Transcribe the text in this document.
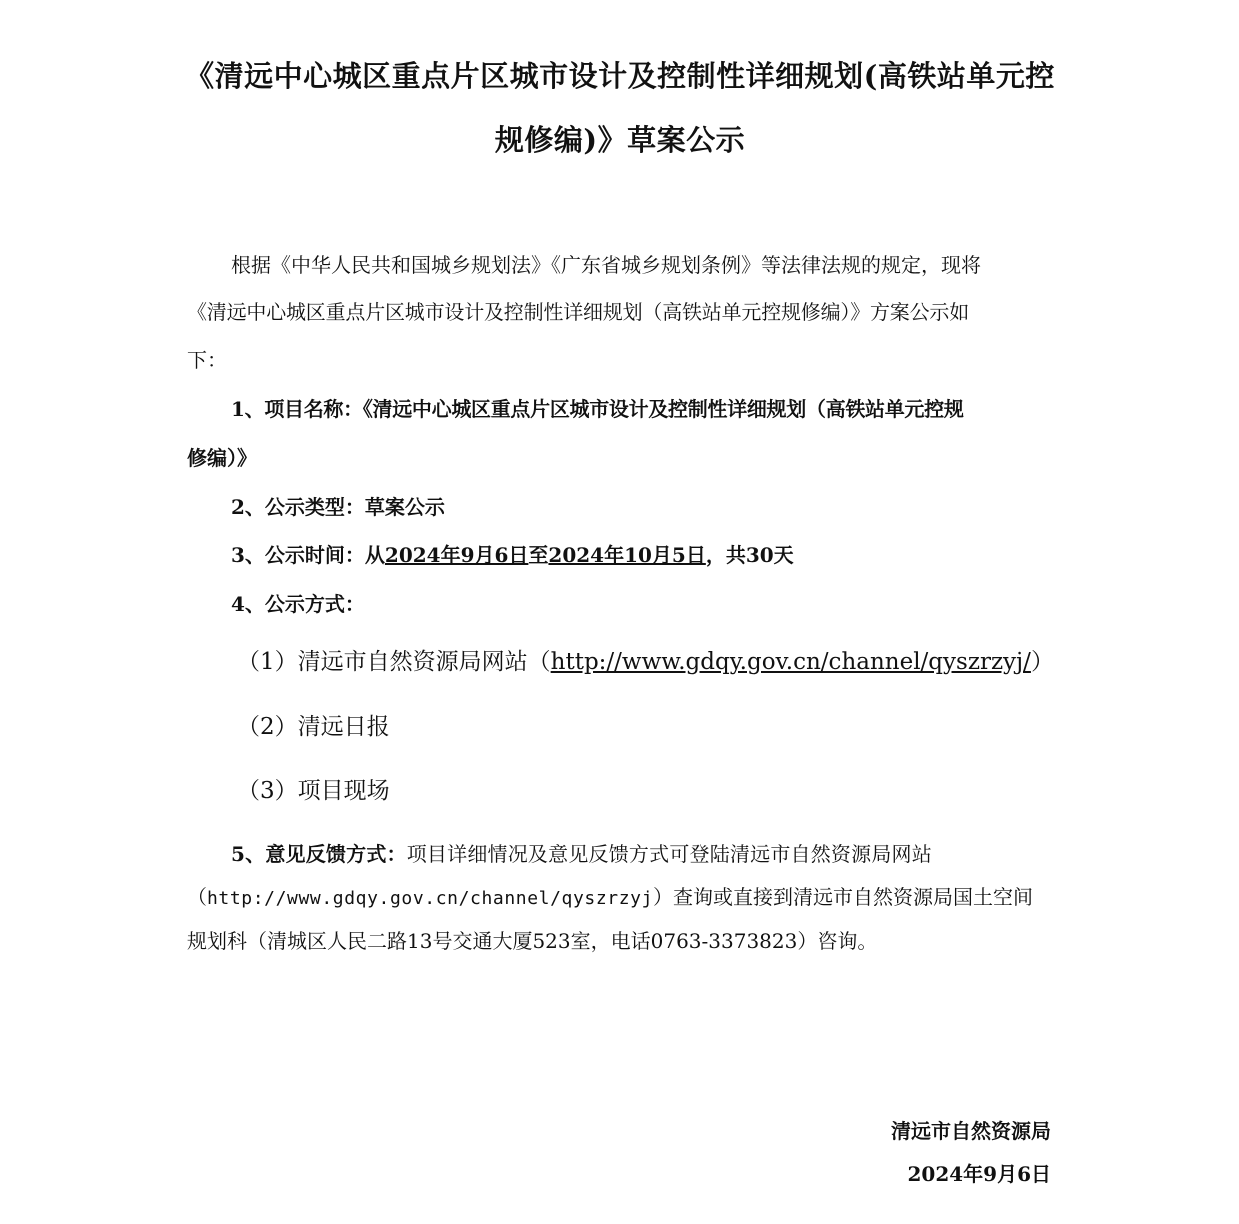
《清远中心城区重点片区城市设计及控制性详细规划(高铁站单元控
规修编)》草案公示
根据《中华人民共和国城乡规划法》《广东省城乡规划条例》等法律法规的规定，现将
《清远中心城区重点片区城市设计及控制性详细规划（高铁站单元控规修编）》方案公示如
下：
1、项目名称：《清远中心城区重点片区城市设计及控制性详细规划（高铁站单元控规
修编）》
2、公示类型：草案公示
3、公示时间：从2024年9月6日至2024年10月5日，共30天
4、公示方式：
（1）清远市自然资源局网站（http://www.gdqy.gov.cn/channel/qyszrzyj/）
（2）清远日报
（3）项目现场
5、意见反馈方式：项目详细情况及意见反馈方式可登陆清远市自然资源局网站
（http://www.gdqy.gov.cn/channel/qyszrzyj）查询或直接到清远市自然资源局国土空间
规划科（清城区人民二路13号交通大厦523室，电话0763-3373823）咨询。
清远市自然资源局
2024年9月6日
